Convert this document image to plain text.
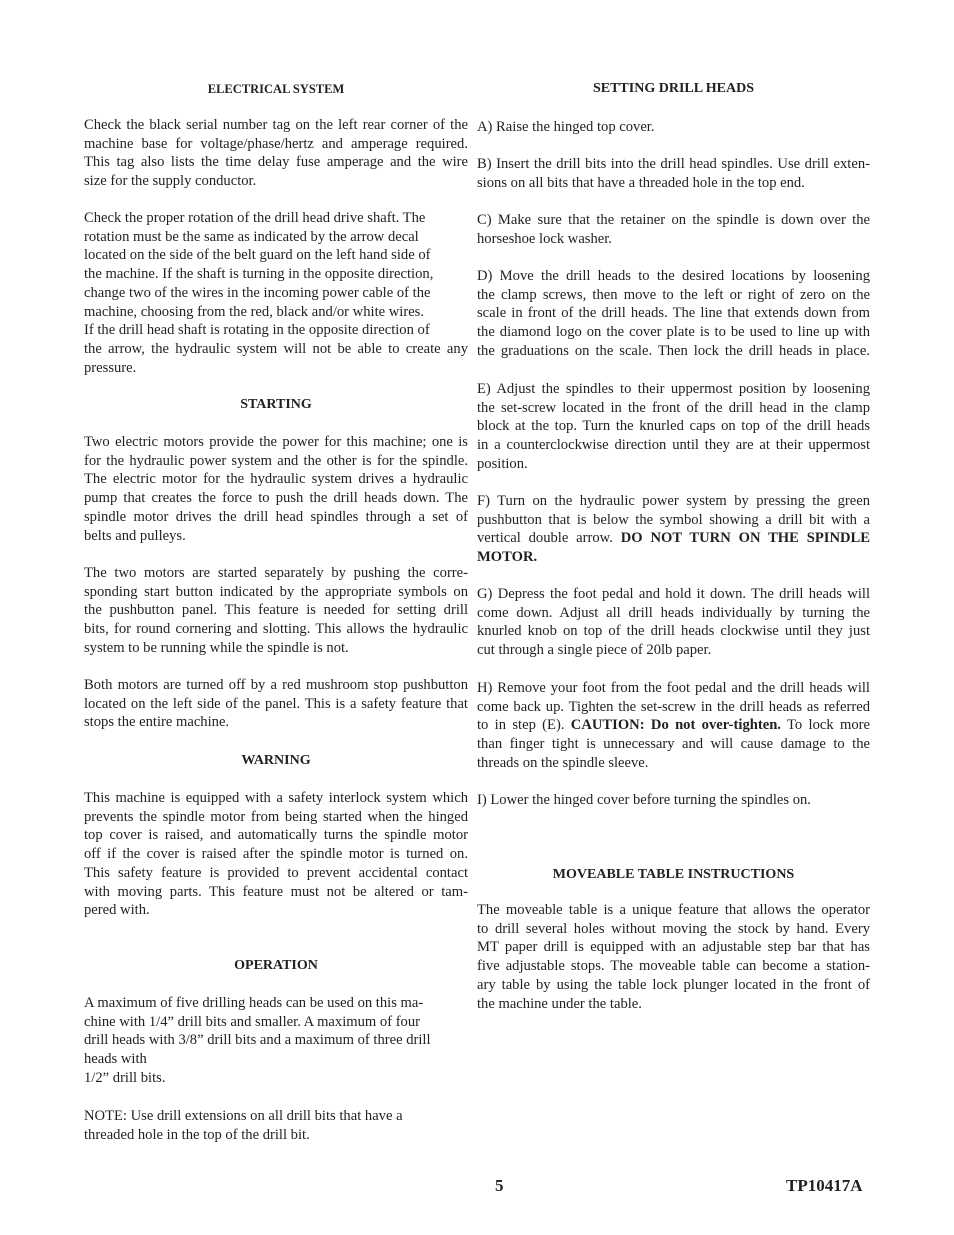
ELECTRICAL SYSTEM
Check the black serial number tag on the left rear corner of the
machine base for voltage/phase/hertz and amperage required.
This tag also lists the time delay fuse amperage and the wire
size for the supply conductor.
Check the proper rotation of the drill head drive shaft. The
rotation must be the same as indicated by the arrow decal
located on the side of the belt guard on the left hand side of
the machine. If the shaft is turning in the opposite direction,
change two of the wires in the incoming power cable of the
machine, choosing from the red, black and/or white wires.
If the drill head shaft is rotating in the opposite direction of
the arrow, the hydraulic system will not be able to create any
pressure.
STARTING
Two electric motors provide the power for this machine; one is
for the hydraulic power system and the other is for the spindle.
The electric motor for the hydraulic system drives a hydraulic
pump that creates the force to push the drill heads down. The
spindle motor drives the drill head spindles through a set of
belts and pulleys.
The two motors are started separately by pushing the corre-
sponding start button indicated by the appropriate symbols on
the pushbutton panel. This feature is needed for setting drill
bits, for round cornering and slotting. This allows the hydraulic
system to be running while the spindle is not.
Both motors are turned off by a red mushroom stop pushbutton
located on the left side of the panel. This is a safety feature that
stops the entire machine.
WARNING
This machine is equipped with a safety interlock system which
prevents the spindle motor from being started when the hinged
top cover is raised, and automatically turns the spindle motor
off if the cover is raised after the spindle motor is turned on.
This safety feature is provided to prevent accidental contact
with moving parts. This feature must not be altered or tam-
pered with.
OPERATION
A maximum of five drilling heads can be used on this ma-
chine with 1/4” drill bits and smaller. A maximum of four
drill heads with 3/8” drill bits and a maximum of three drill
heads with
1/2” drill bits.
NOTE: Use drill extensions on all drill bits that have a
threaded hole in the top of the drill bit.
SETTING DRILL HEADS
A) Raise the hinged top cover.
B) Insert the drill bits into the drill head spindles. Use drill exten-
sions on all bits that have a threaded hole in the top end.
C) Make sure that the retainer on the spindle is down over the
horseshoe lock washer.
D) Move the drill heads to the desired locations by loosening
the clamp screws, then move to the left or right of zero on the
scale in front of the drill heads. The line that extends down from
the diamond logo on the cover plate is to be used to line up with
the graduations on the scale. Then lock the drill heads in place.
E) Adjust the spindles to their uppermost position by loosening
the set-screw located in the front of the drill head in the clamp
block at the top. Turn the knurled caps on top of the drill heads
in a counterclockwise direction until they are at their uppermost
position.
F) Turn on the hydraulic power system by pressing the green
pushbutton that is below the symbol showing a drill bit with a
vertical double arrow. DO NOT TURN ON THE SPINDLE
MOTOR.
G) Depress the foot pedal and hold it down. The drill heads will
come down. Adjust all drill heads individually by turning the
knurled knob on top of the drill heads clockwise until they just
cut through a single piece of 20lb paper.
H) Remove your foot from the foot pedal and the drill heads will
come back up. Tighten the set-screw in the drill heads as referred
to in step (E). CAUTION: Do not over-tighten. To lock more
than finger tight is unnecessary and will cause damage to the
threads on the spindle sleeve.
I) Lower the hinged cover before turning the spindles on.
MOVEABLE TABLE INSTRUCTIONS
The moveable table is a unique feature that allows the operator
to drill several holes without moving the stock by hand. Every
MT paper drill is equipped with an adjustable step bar that has
five adjustable stops. The moveable table can become a station-
ary table by using the table lock plunger located in the front of
the machine under the table.
5	TP10417A
